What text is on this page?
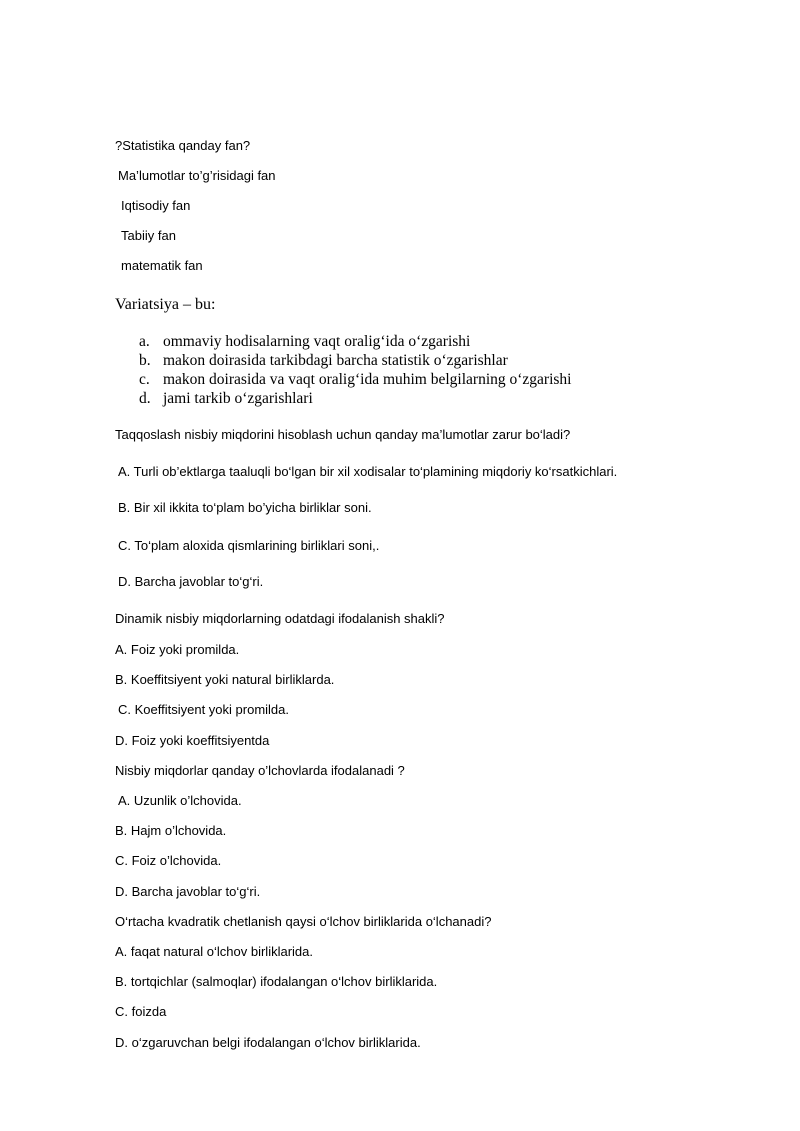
?Statistika qanday fan?
Ma’lumotlar to’g’risidagi fan
Iqtisodiy fan
Tabiiy fan
matematik fan
Variatsiya – bu:
a. ommaviy hodisalarning vaqt oralig‘ida o‘zgarishi
b. makon doirasida tarkibdagi barcha statistik o‘zgarishlar
c. makon doirasida va vaqt oralig‘ida muhim belgilarning o‘zgarishi
d. jami tarkib o‘zgarishlari
Taqqoslash nisbiy miqdorini hisoblash uchun qanday ma’lumotlar zarur bo‘ladi?
A. Turli ob’ektlarga taaluqli bo‘lgan bir xil xodisalar to‘plamining miqdoriy ko‘rsatkichlari.
B. Bir xil ikkita to‘plam bo’yicha birliklar soni.
C. To‘plam aloxida qismlarining birliklari soni,.
D. Barcha javoblar to‘g‘ri.
Dinamik nisbiy miqdorlarning odatdagi ifodalanish shakli?
A. Foiz yoki promilda.
B. Koeffitsiyent yoki natural birliklarda.
C. Koeffitsiyent yoki promilda.
D. Foiz yoki koeffitsiyentda
Nisbiy miqdorlar qanday o’lchovlarda ifodalanadi ?
A. Uzunlik o’lchovida.
B. Hajm o’lchovida.
C. Foiz o’lchovida.
D. Barcha javoblar to‘g‘ri.
O‘rtacha kvadratik chetlanish qaysi o‘lchov birliklarida o‘lchanadi?
A. faqat natural o‘lchov birliklarida.
B. tortqichlar (salmoqlar) ifodalangan o‘lchov birliklarida.
C. foizda
D. o‘zgaruvchan belgi ifodalangan o‘lchov birliklarida.
